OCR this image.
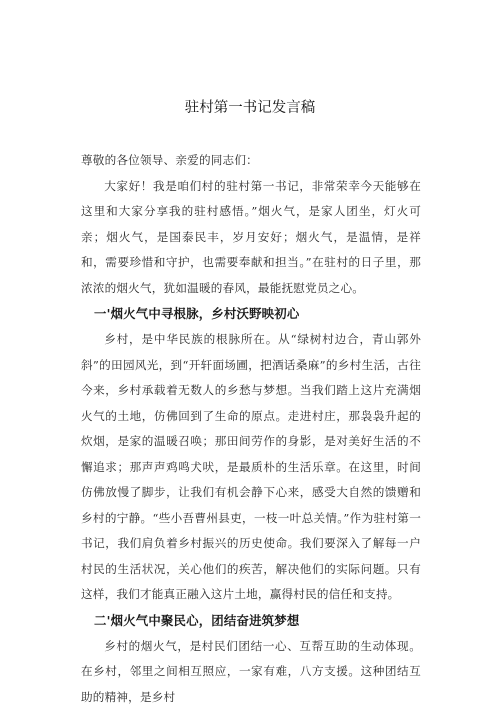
驻村第一书记发言稿

尊敬的各位领导、亲爱的同志们：

大家好！我是咱们村的驻村第一书记，非常荣幸今天能够在这里和大家分享我的驻村感悟。”烟火气，是家人团坐，灯火可亲；烟火气，是国泰民丰，岁月安好；烟火气，是温情，是祥和，需要珍惜和守护，也需要奉献和担当。”在驻村的日子里，那浓浓的烟火气，犹如温暖的春风，最能抚慰党员之心。

一'烟火气中寻根脉，乡村沃野映初心

乡村，是中华民族的根脉所在。从“绿树村边合，青山郭外斜”的田园风光，到“开轩面场圃，把酒话桑麻”的乡村生活，古往今来，乡村承载着无数人的乡愁与梦想。当我们踏上这片充满烟火气的土地，仿佛回到了生命的原点。走进村庄，那袅袅升起的炊烟，是家的温暖召唤；那田间劳作的身影，是对美好生活的不懈追求；那声声鸡鸣犬吠，是最质朴的生活乐章。在这里，时间仿佛放慢了脚步，让我们有机会静下心来，感受大自然的馈赠和乡村的宁静。“些小吾曹州县吏，一枝一叶总关情。”作为驻村第一书记，我们肩负着乡村振兴的历史使命。我们要深入了解每一户村民的生活状况，关心他们的疾苦，解决他们的实际问题。只有这样，我们才能真正融入这片土地，赢得村民的信任和支持。

二'烟火气中聚民心，团结奋进筑梦想

乡村的烟火气，是村民们团结一心、互帮互助的生动体现。在乡村，邻里之间相互照应，一家有难，八方支援。这种团结互助的精神，是乡村
